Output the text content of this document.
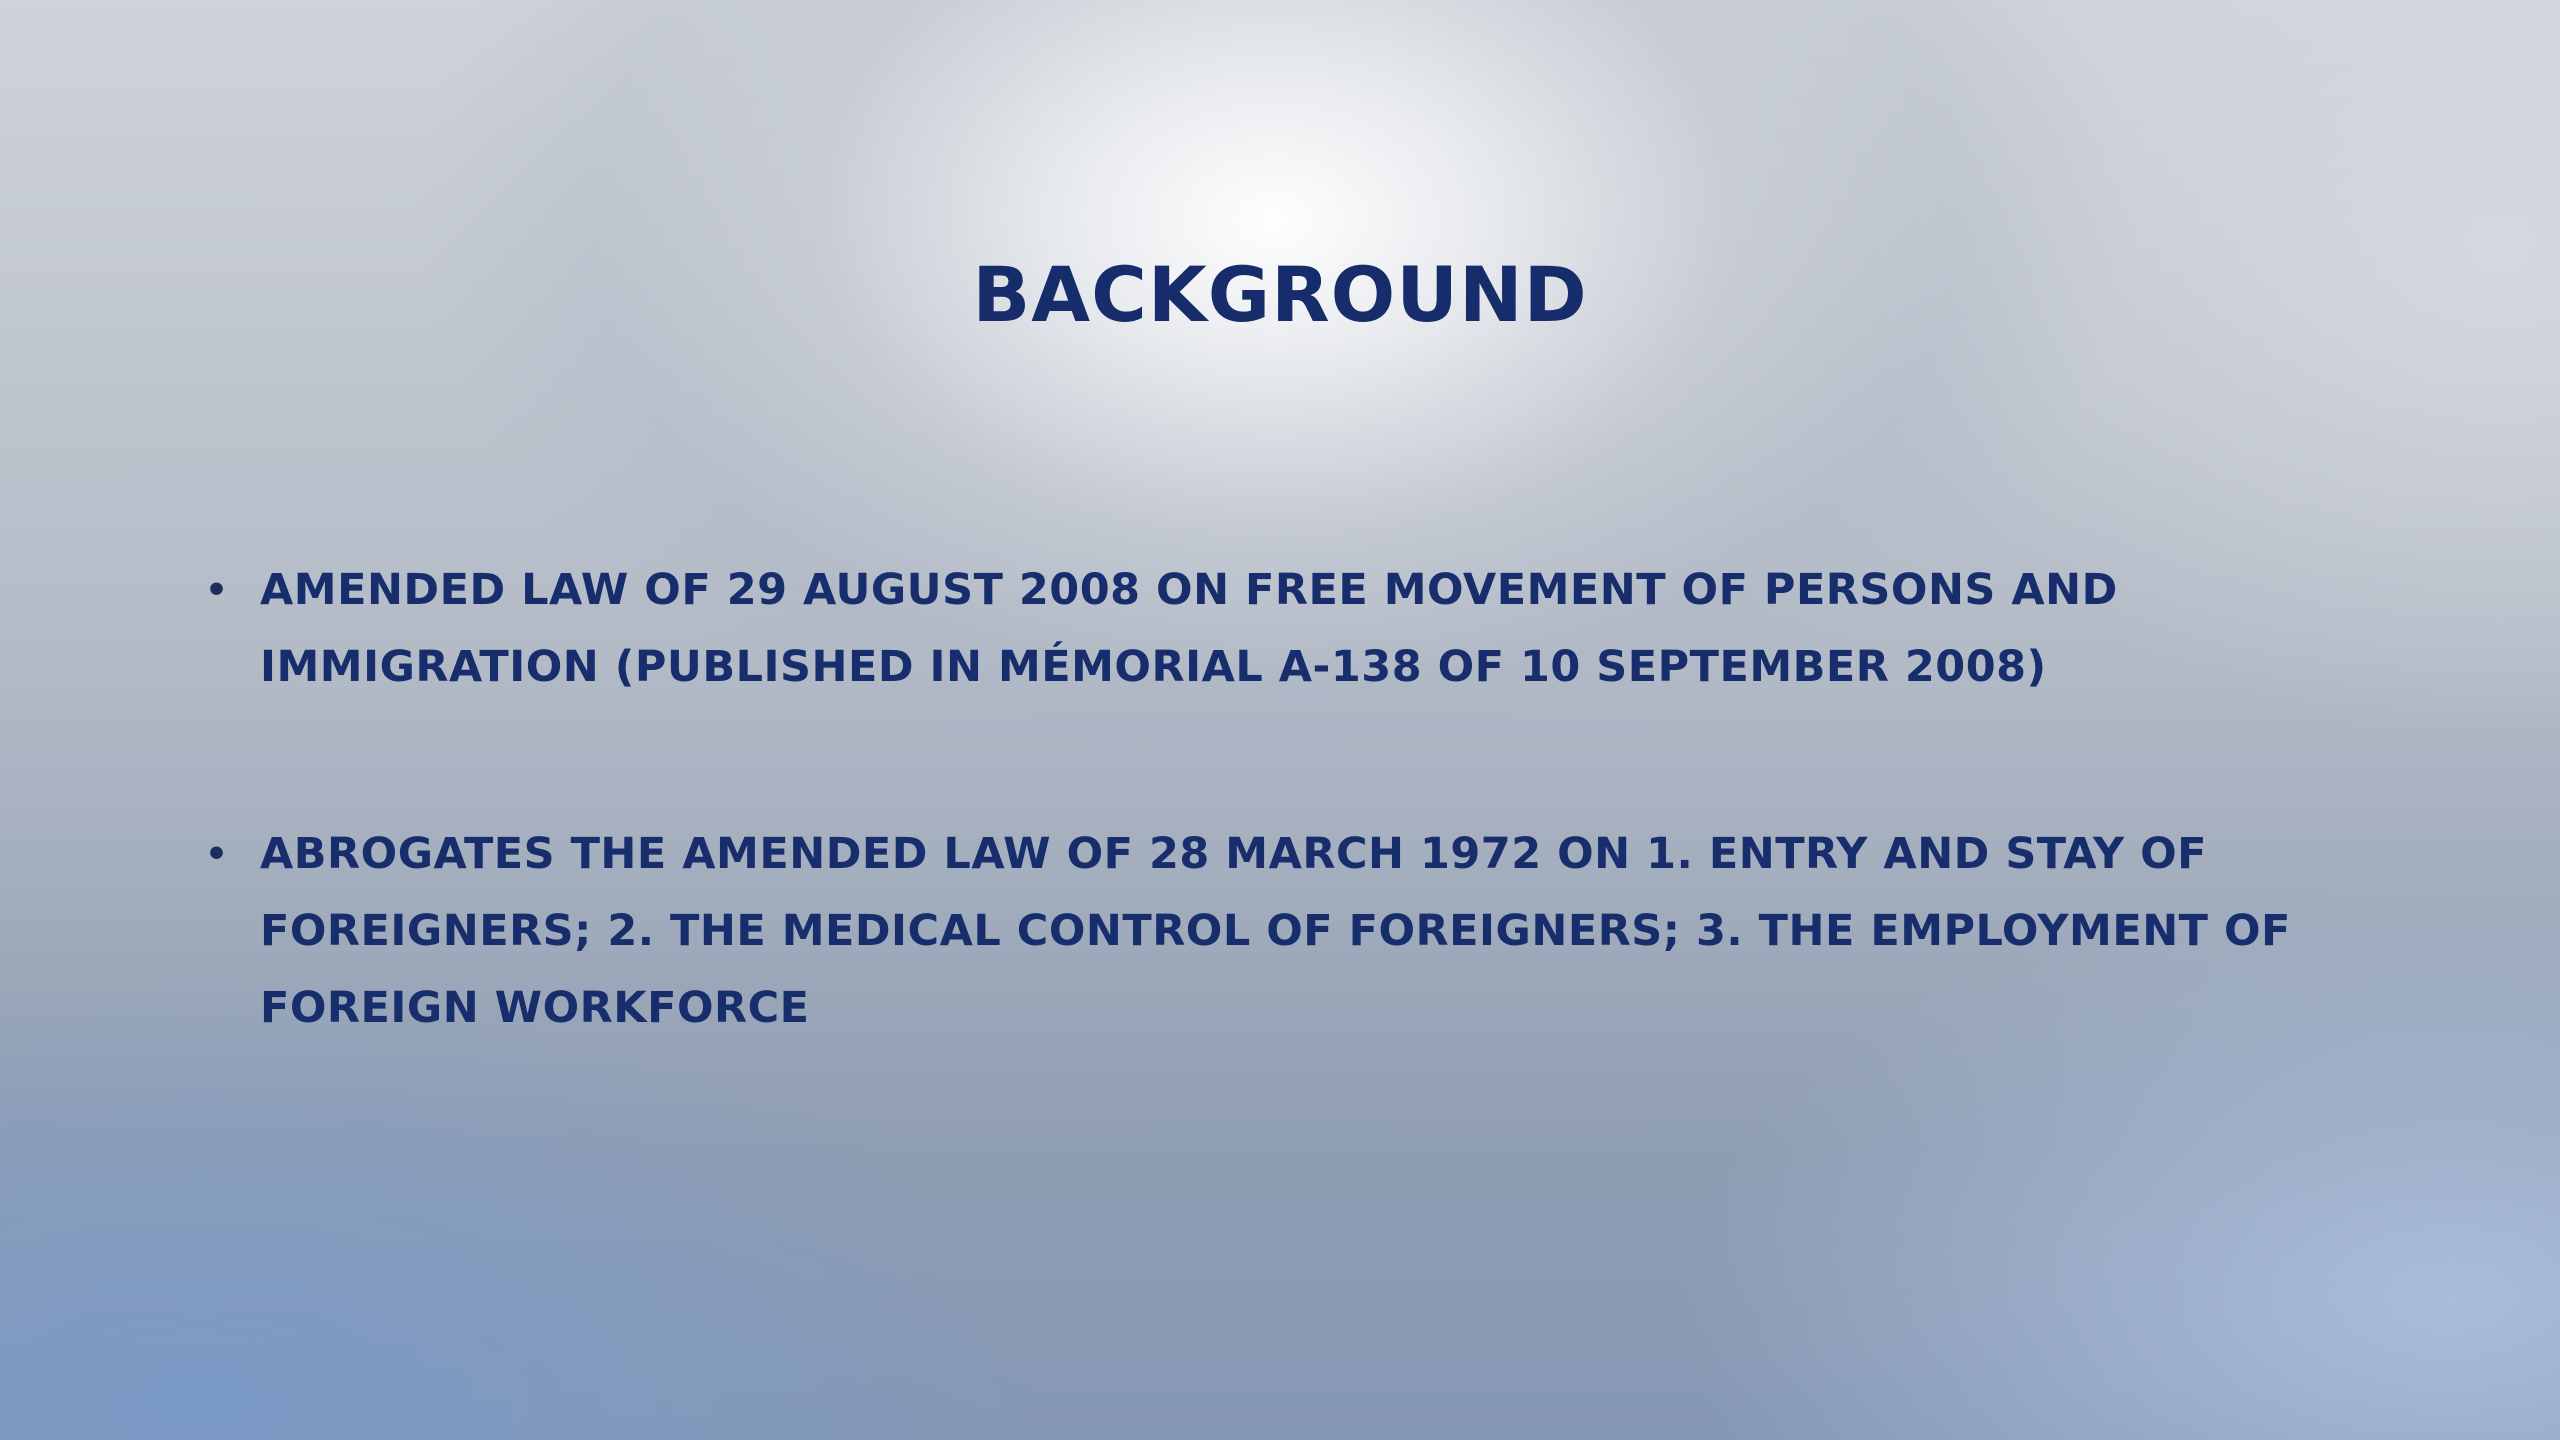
BACKGROUND
• AMENDED LAW OF 29 AUGUST 2008 ON FREE MOVEMENT OF PERSONS AND
IMMIGRATION (PUBLISHED IN MÉMORIAL A-138 OF 10 SEPTEMBER 2008)
• ABROGATES THE AMENDED LAW OF 28 MARCH 1972 ON 1. ENTRY AND STAY OF
FOREIGNERS; 2. THE MEDICAL CONTROL OF FOREIGNERS; 3. THE EMPLOYMENT OF
FOREIGN WORKFORCE
